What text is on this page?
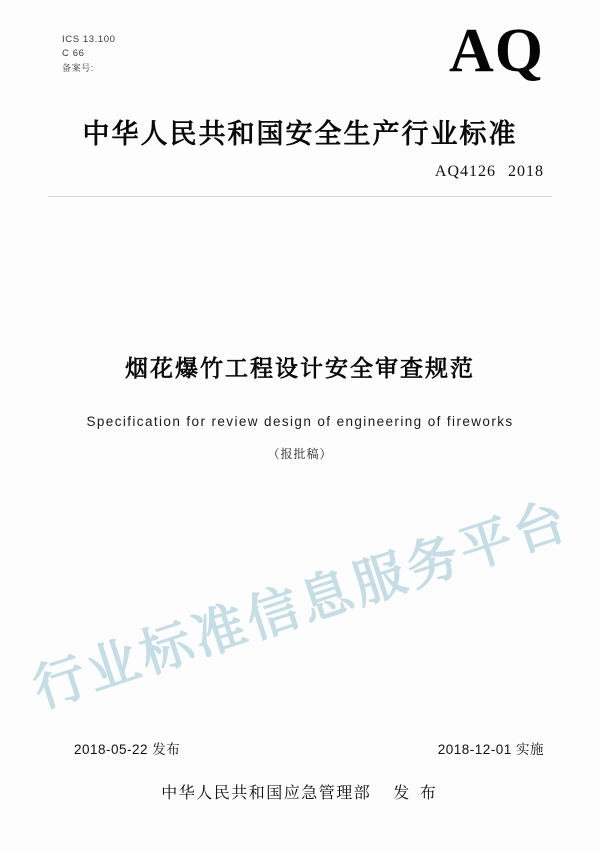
ICS 13.100
C 66
备案号:	AQ
中华人民共和国安全生产行业标准
AQ4126 2018
烟花爆竹工程设计安全审查规范
Specification for review design of engineering of fireworks
（报批稿）
行业标准信息服务平台
2018-05-22 发布	2018-12-01 实施
中华人民共和国应急管理部 发 布
